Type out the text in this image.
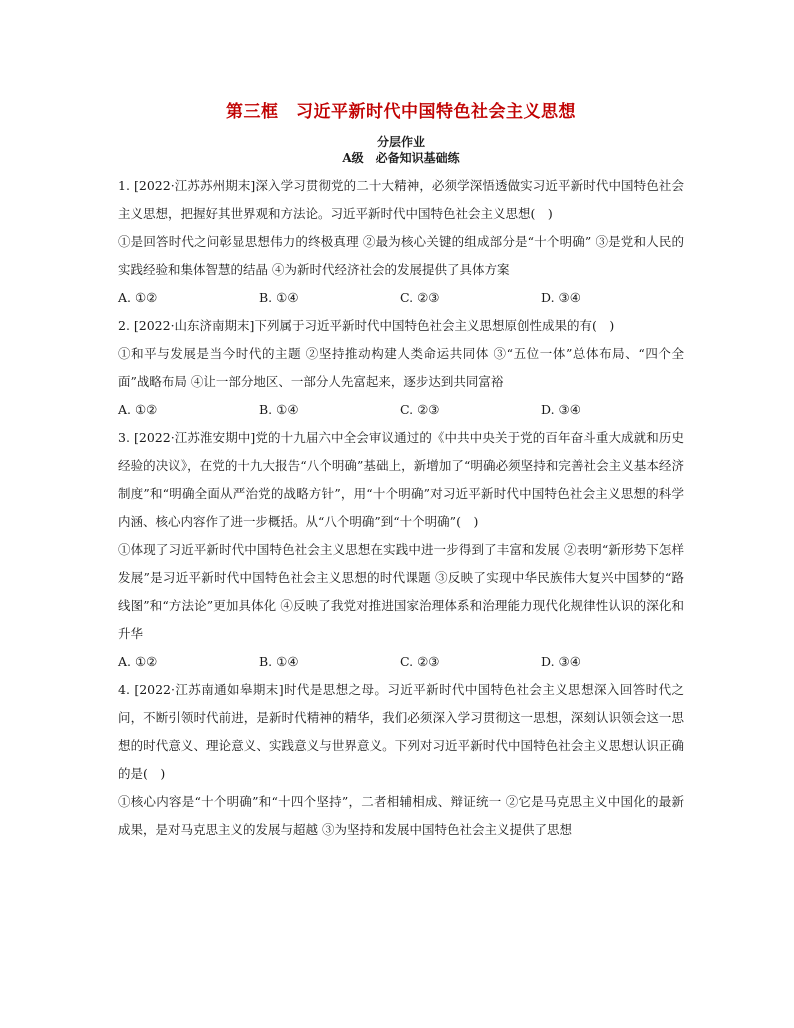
第三框　习近平新时代中国特色社会主义思想
分层作业
A级　必备知识基础练

1. [2022·江苏苏州期末]深入学习贯彻党的二十大精神，必须学深悟透做实习近平新时代中国特色社会主义思想，把握好其世界观和方法论。习近平新时代中国特色社会主义思想(　)

①是回答时代之问彰显思想伟力的终极真理 ②最为核心关键的组成部分是“十个明确” ③是党和人民的实践经验和集体智慧的结晶 ④为新时代经济社会的发展提供了具体方案

A. ①②	B. ①④	C. ②③	D. ③④

2. [2022·山东济南期末]下列属于习近平新时代中国特色社会主义思想原创性成果的有(　)

①和平与发展是当今时代的主题 ②坚持推动构建人类命运共同体 ③“五位一体”总体布局、“四个全面”战略布局 ④让一部分地区、一部分人先富起来，逐步达到共同富裕

A. ①②	B. ①④	C. ②③	D. ③④

3. [2022·江苏淮安期中]党的十九届六中全会审议通过的《中共中央关于党的百年奋斗重大成就和历史经验的决议》，在党的十九大报告“八个明确”基础上，新增加了“明确必须坚持和完善社会主义基本经济制度”和“明确全面从严治党的战略方针”，用“十个明确”对习近平新时代中国特色社会主义思想的科学内涵、核心内容作了进一步概括。从“八个明确”到“十个明确”(　)

①体现了习近平新时代中国特色社会主义思想在实践中进一步得到了丰富和发展 ②表明“新形势下怎样发展”是习近平新时代中国特色社会主义思想的时代课题 ③反映了实现中华民族伟大复兴中国梦的“路线图”和“方法论”更加具体化 ④反映了我党对推进国家治理体系和治理能力现代化规律性认识的深化和升华

A. ①②	B. ①④	C. ②③	D. ③④

4. [2022·江苏南通如皋期末]时代是思想之母。习近平新时代中国特色社会主义思想深入回答时代之问，不断引领时代前进，是新时代精神的精华，我们必须深入学习贯彻这一思想，深刻认识领会这一思想的时代意义、理论意义、实践意义与世界意义。下列对习近平新时代中国特色社会主义思想认识正确的是(　)

①核心内容是“十个明确”和“十四个坚持”，二者相辅相成、辩证统一 ②它是马克思主义中国化的最新成果，是对马克思主义的发展与超越 ③为坚持和发展中国特色社会主义提供了思想
